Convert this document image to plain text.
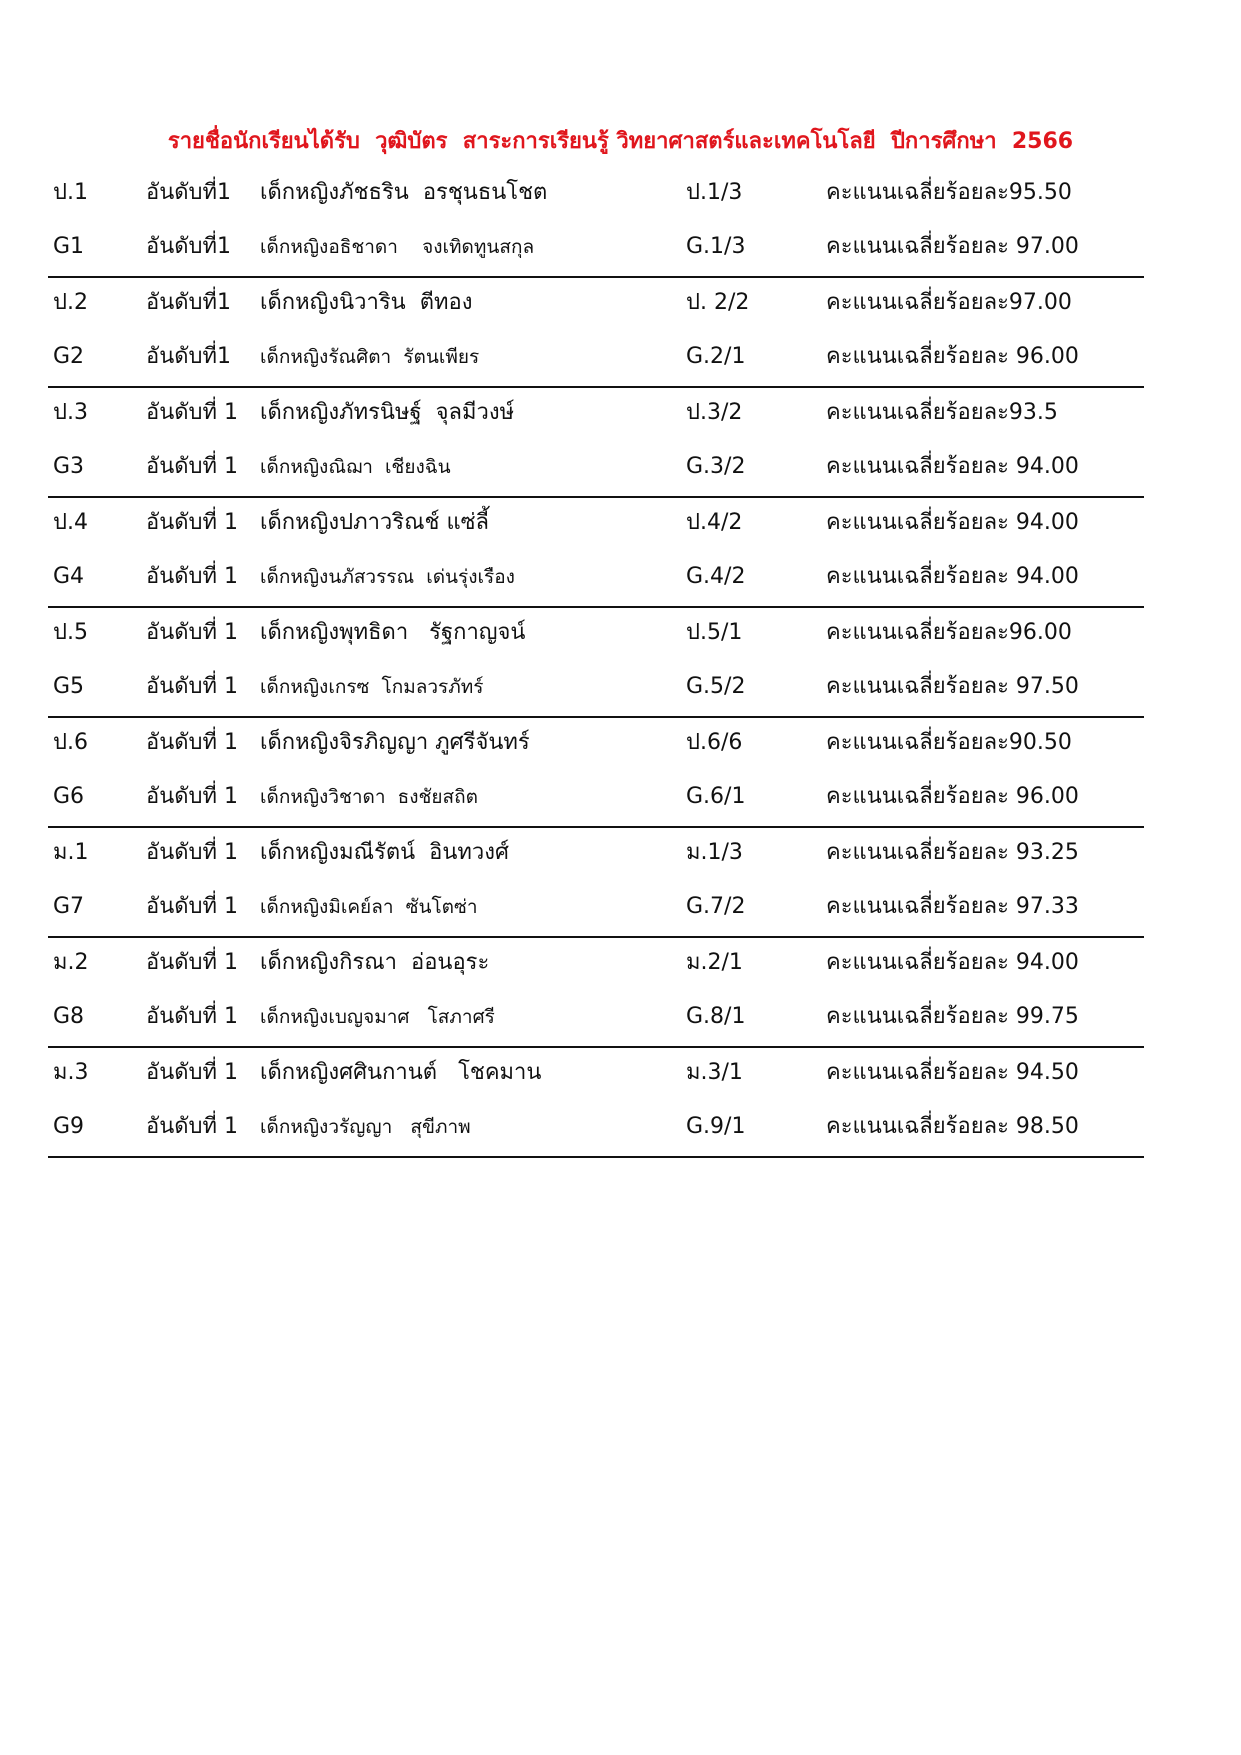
รายชื่อนักเรียนได้รับ  วุฒิบัตร  สาระการเรียนรู้ วิทยาศาสตร์และเทคโนโลยี  ปีการศึกษา  2566
ป.1	อันดับที่1 เด็กหญิงภัชธริน  อรชุนธนโชต	ป.1/3	คะแนนเฉลี่ยร้อยละ95.50
G1	อันดับที่1 เด็กหญิงอธิชาดา    จงเทิดทูนสกุล	G.1/3	คะแนนเฉลี่ยร้อยละ 97.00
ป.2	อันดับที่1 เด็กหญิงนิวาริน  ตีทอง	ป. 2/2	คะแนนเฉลี่ยร้อยละ97.00
G2	อันดับที่1 เด็กหญิงรัณศิตา  รัตนเพียร	G.2/1	คะแนนเฉลี่ยร้อยละ 96.00
ป.3	อันดับที่ 1 เด็กหญิงภัทรนิษฐ์  จุลมีวงษ์	ป.3/2	คะแนนเฉลี่ยร้อยละ93.5
G3	อันดับที่ 1 เด็กหญิงณิฌา  เชียงฉิน	G.3/2	คะแนนเฉลี่ยร้อยละ 94.00
ป.4	อันดับที่ 1 เด็กหญิงปภาวริณช์ แซ่ลี้	ป.4/2	คะแนนเฉลี่ยร้อยละ 94.00
G4	อันดับที่ 1 เด็กหญิงนภัสวรรณ  เด่นรุ่งเรือง	G.4/2	คะแนนเฉลี่ยร้อยละ 94.00
ป.5	อันดับที่ 1 เด็กหญิงพุทธิดา   รัฐกาญจน์	ป.5/1	คะแนนเฉลี่ยร้อยละ96.00
G5	อันดับที่ 1 เด็กหญิงเกรซ  โกมลวรภัทร์	G.5/2	คะแนนเฉลี่ยร้อยละ 97.50
ป.6	อันดับที่ 1 เด็กหญิงจิรภิญญา ภูศรีจันทร์	ป.6/6	คะแนนเฉลี่ยร้อยละ90.50
G6	อันดับที่ 1 เด็กหญิงวิชาดา  ธงชัยสถิต	G.6/1	คะแนนเฉลี่ยร้อยละ 96.00
ม.1	อันดับที่ 1 เด็กหญิงมณีรัตน์  อินทวงศ์	ม.1/3	คะแนนเฉลี่ยร้อยละ 93.25
G7	อันดับที่ 1 เด็กหญิงมิเคย์ลา  ซันโตซ่า	G.7/2	คะแนนเฉลี่ยร้อยละ 97.33
ม.2	อันดับที่ 1 เด็กหญิงกิรณา  อ่อนอุระ	ม.2/1	คะแนนเฉลี่ยร้อยละ 94.00
G8	อันดับที่ 1 เด็กหญิงเบญจมาศ   โสภาศรี	G.8/1	คะแนนเฉลี่ยร้อยละ 99.75
ม.3	อันดับที่ 1 เด็กหญิงศศินกานต์   โชคมาน	ม.3/1	คะแนนเฉลี่ยร้อยละ 94.50
G9	อันดับที่ 1 เด็กหญิงวรัญญา   สุขีภาพ	G.9/1	คะแนนเฉลี่ยร้อยละ 98.50
